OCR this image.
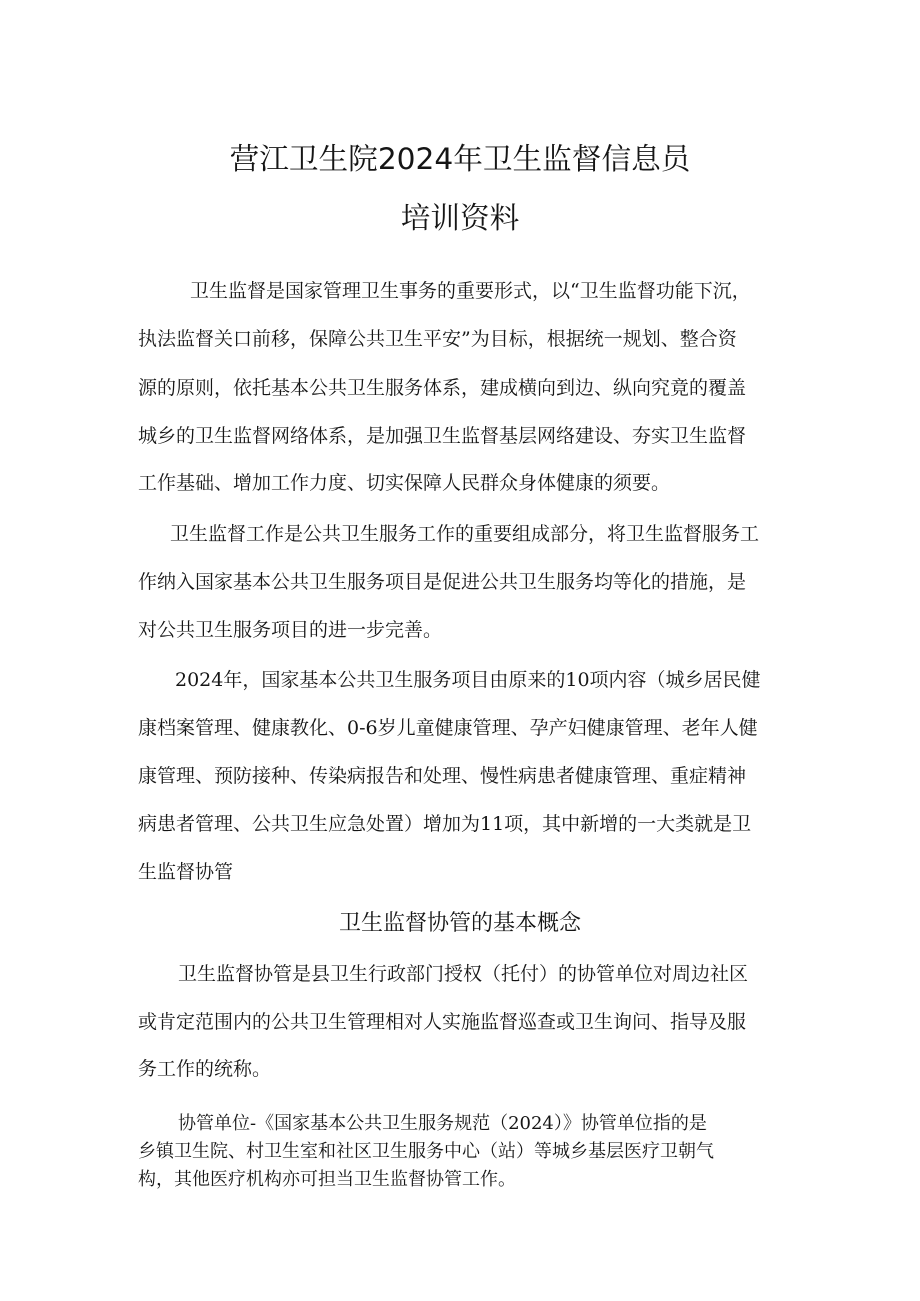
营江卫生院2024年卫生监督信息员
培训资料
卫生监督是国家管理卫生事务的重要形式，以“卫生监督功能下沉，
执法监督关口前移，保障公共卫生平安”为目标，根据统一规划、整合资
源的原则，依托基本公共卫生服务体系，建成横向到边、纵向究竟的覆盖
城乡的卫生监督网络体系，是加强卫生监督基层网络建设、夯实卫生监督
工作基础、增加工作力度、切实保障人民群众身体健康的须要。
卫生监督工作是公共卫生服务工作的重要组成部分，将卫生监督服务工
作纳入国家基本公共卫生服务项目是促进公共卫生服务均等化的措施，是
对公共卫生服务项目的进一步完善。
2024年，国家基本公共卫生服务项目由原来的10项内容（城乡居民健
康档案管理、健康教化、0-6岁儿童健康管理、孕产妇健康管理、老年人健
康管理、预防接种、传染病报告和处理、慢性病患者健康管理、重症精神
病患者管理、公共卫生应急处置）增加为11项，其中新增的一大类就是卫
生监督协管
卫生监督协管的基本概念
卫生监督协管是县卫生行政部门授权（托付）的协管单位对周边社区
或肯定范围内的公共卫生管理相对人实施监督巡查或卫生询问、指导及服
务工作的统称。
协管单位-《国家基本公共卫生服务规范（2024）》协管单位指的是
乡镇卫生院、村卫生室和社区卫生服务中心（站）等城乡基层医疗卫朝气
构，其他医疗机构亦可担当卫生监督协管工作。
